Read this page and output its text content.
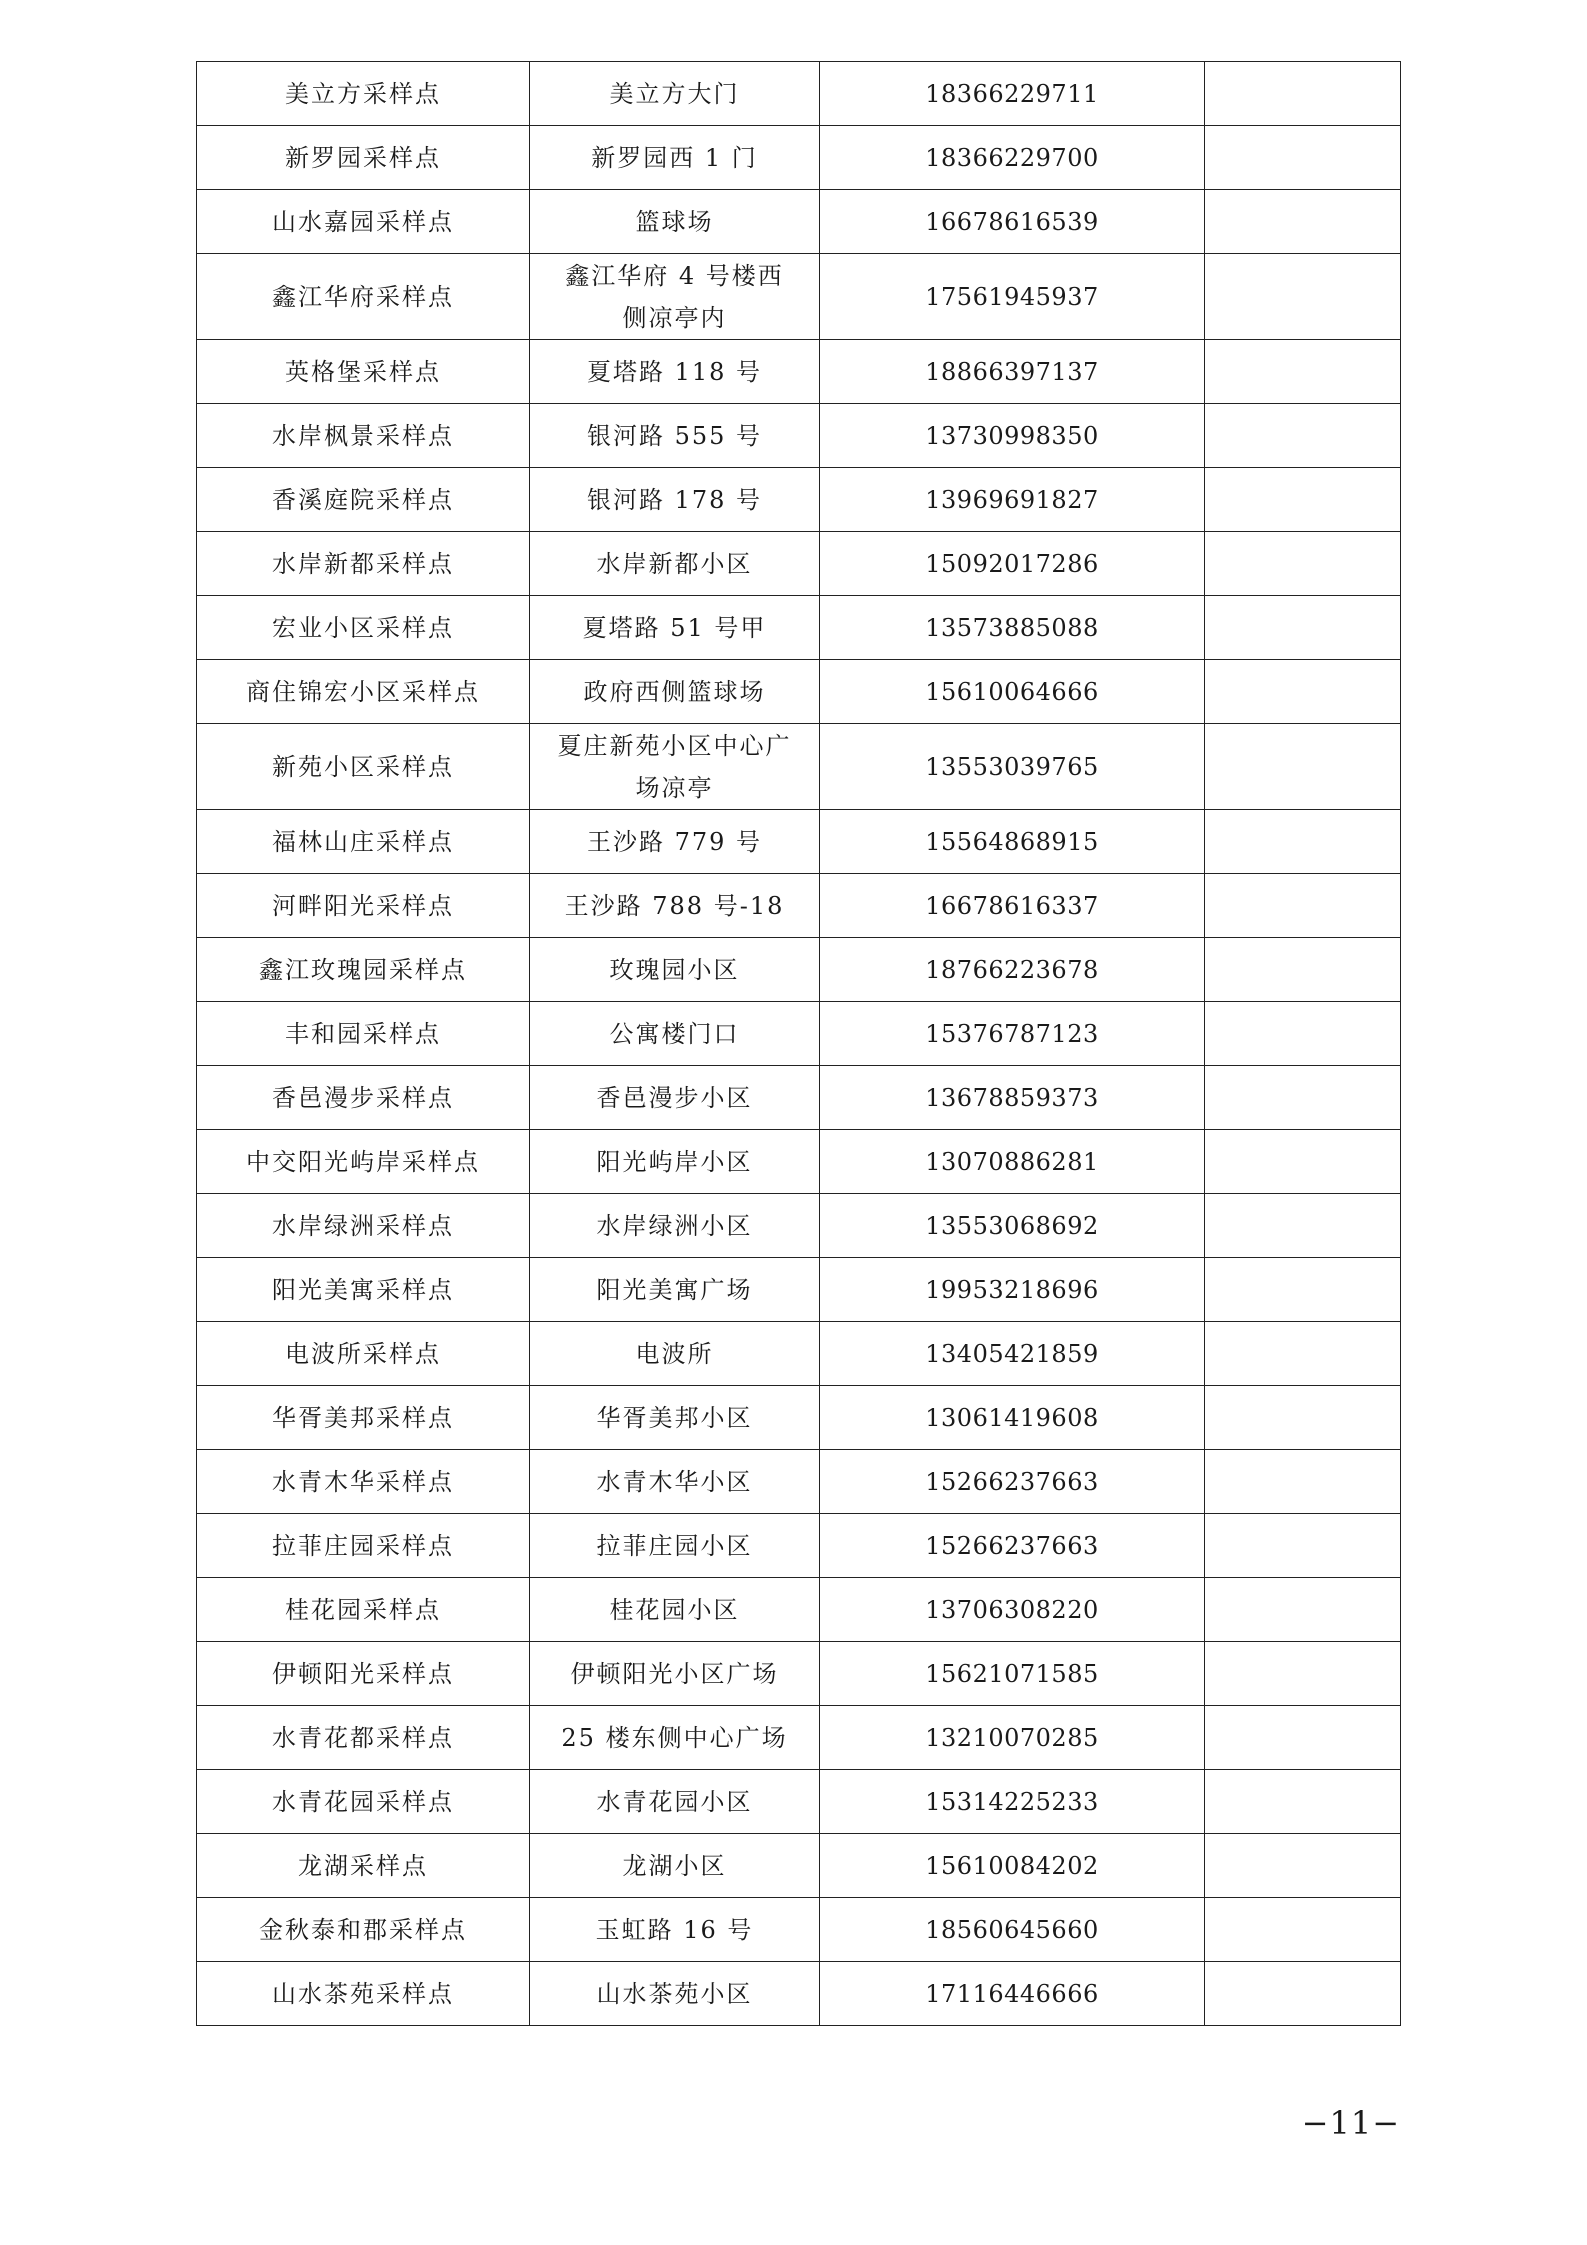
美立方采样点	美立方大门	18366229711	
新罗园采样点	新罗园西 1 门	18366229700	
山水嘉园采样点	篮球场	16678616539	
鑫江华府采样点	鑫江华府 4 号楼西侧凉亭内	17561945937	
英格堡采样点	夏塔路 118 号	18866397137	
水岸枫景采样点	银河路 555 号	13730998350	
香溪庭院采样点	银河路 178 号	13969691827	
水岸新都采样点	水岸新都小区	15092017286	
宏业小区采样点	夏塔路 51 号甲	13573885088	
商住锦宏小区采样点	政府西侧篮球场	15610064666	
新苑小区采样点	夏庄新苑小区中心广场凉亭	13553039765	
福林山庄采样点	王沙路 779 号	15564868915	
河畔阳光采样点	王沙路 788 号-18	16678616337	
鑫江玫瑰园采样点	玫瑰园小区	18766223678	
丰和园采样点	公寓楼门口	15376787123	
香邑漫步采样点	香邑漫步小区	13678859373	
中交阳光屿岸采样点	阳光屿岸小区	13070886281	
水岸绿洲采样点	水岸绿洲小区	13553068692	
阳光美寓采样点	阳光美寓广场	19953218696	
电波所采样点	电波所	13405421859	
华胥美邦采样点	华胥美邦小区	13061419608	
水青木华采样点	水青木华小区	15266237663	
拉菲庄园采样点	拉菲庄园小区	15266237663	
桂花园采样点	桂花园小区	13706308220	
伊顿阳光采样点	伊顿阳光小区广场	15621071585	
水青花都采样点	25 楼东侧中心广场	13210070285	
水青花园采样点	水青花园小区	15314225233	
龙湖采样点	龙湖小区	15610084202	
金秋泰和郡采样点	玉虹路 16 号	18560645660	
山水茶苑采样点	山水茶苑小区	17116446666	
−11−
